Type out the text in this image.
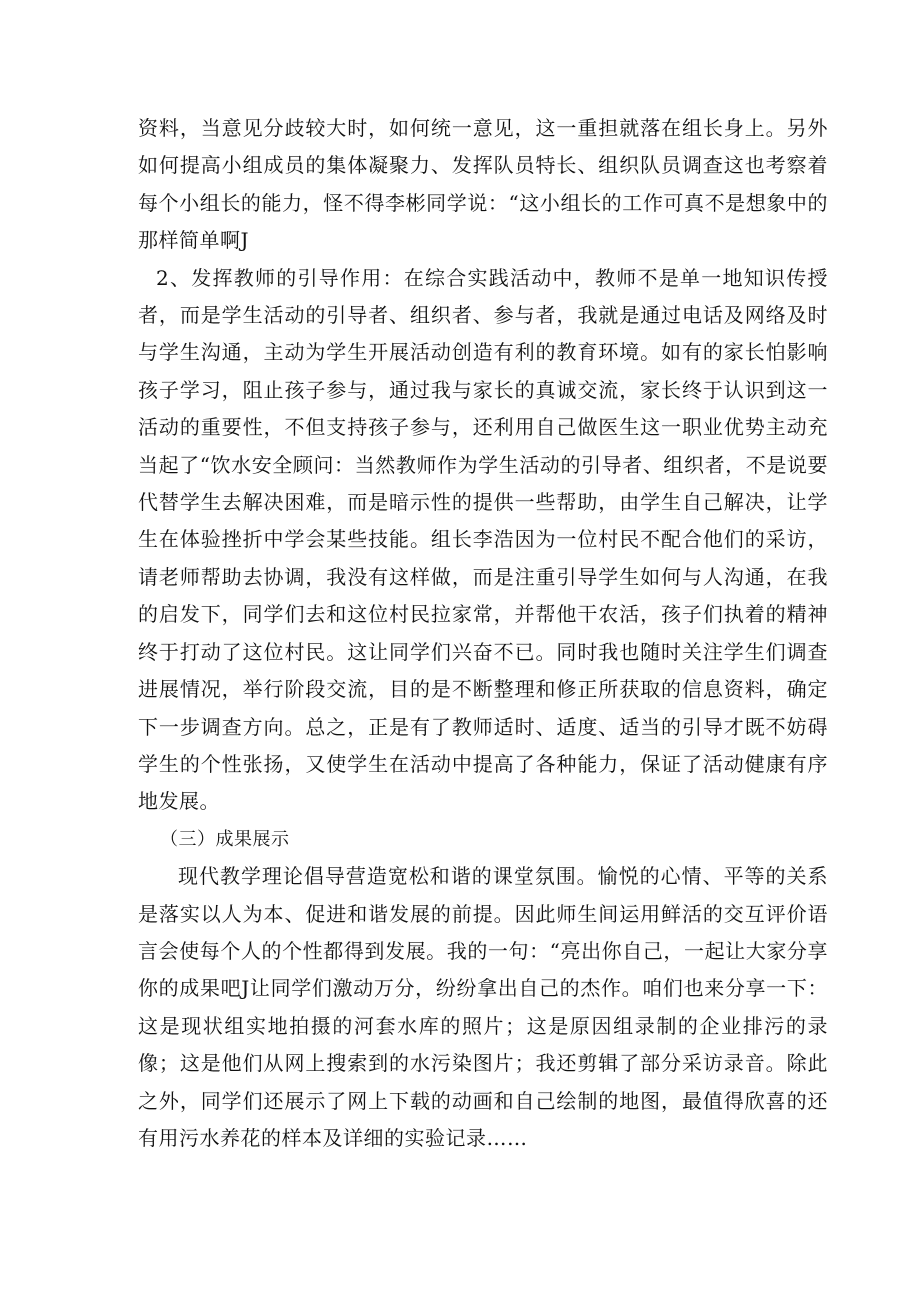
资料，当意见分歧较大时，如何统一意见，这一重担就落在组长身上。另外如何提高小组成员的集体凝聚力、发挥队员特长、组织队员调查这也考察着每个小组长的能力，怪不得李彬同学说：“这小组长的工作可真不是想象中的那样简单啊J

2、发挥教师的引导作用：在综合实践活动中，教师不是单一地知识传授者，而是学生活动的引导者、组织者、参与者，我就是通过电话及网络及时与学生沟通，主动为学生开展活动创造有利的教育环境。如有的家长怕影响孩子学习，阻止孩子参与，通过我与家长的真诚交流，家长终于认识到这一活动的重要性，不但支持孩子参与，还利用自己做医生这一职业优势主动充当起了“饮水安全顾问：当然教师作为学生活动的引导者、组织者，不是说要代替学生去解决困难，而是暗示性的提供一些帮助，由学生自己解决，让学生在体验挫折中学会某些技能。组长李浩因为一位村民不配合他们的采访，请老师帮助去协调，我没有这样做，而是注重引导学生如何与人沟通，在我的启发下，同学们去和这位村民拉家常，并帮他干农活，孩子们执着的精神终于打动了这位村民。这让同学们兴奋不已。同时我也随时关注学生们调查进展情况，举行阶段交流，目的是不断整理和修正所获取的信息资料，确定下一步调查方向。总之，正是有了教师适时、适度、适当的引导才既不妨碍学生的个性张扬，又使学生在活动中提高了各种能力，保证了活动健康有序地发展。

（三）成果展示

现代教学理论倡导营造宽松和谐的课堂氛围。愉悦的心情、平等的关系是落实以人为本、促进和谐发展的前提。因此师生间运用鲜活的交互评价语言会使每个人的个性都得到发展。我的一句：“亮出你自己，一起让大家分享你的成果吧J让同学们激动万分，纷纷拿出自己的杰作。咱们也来分享一下：这是现状组实地拍摄的河套水库的照片；这是原因组录制的企业排污的录像；这是他们从网上搜索到的水污染图片；我还剪辑了部分采访录音。除此之外，同学们还展示了网上下载的动画和自己绘制的地图，最值得欣喜的还有用污水养花的样本及详细的实验记录……
